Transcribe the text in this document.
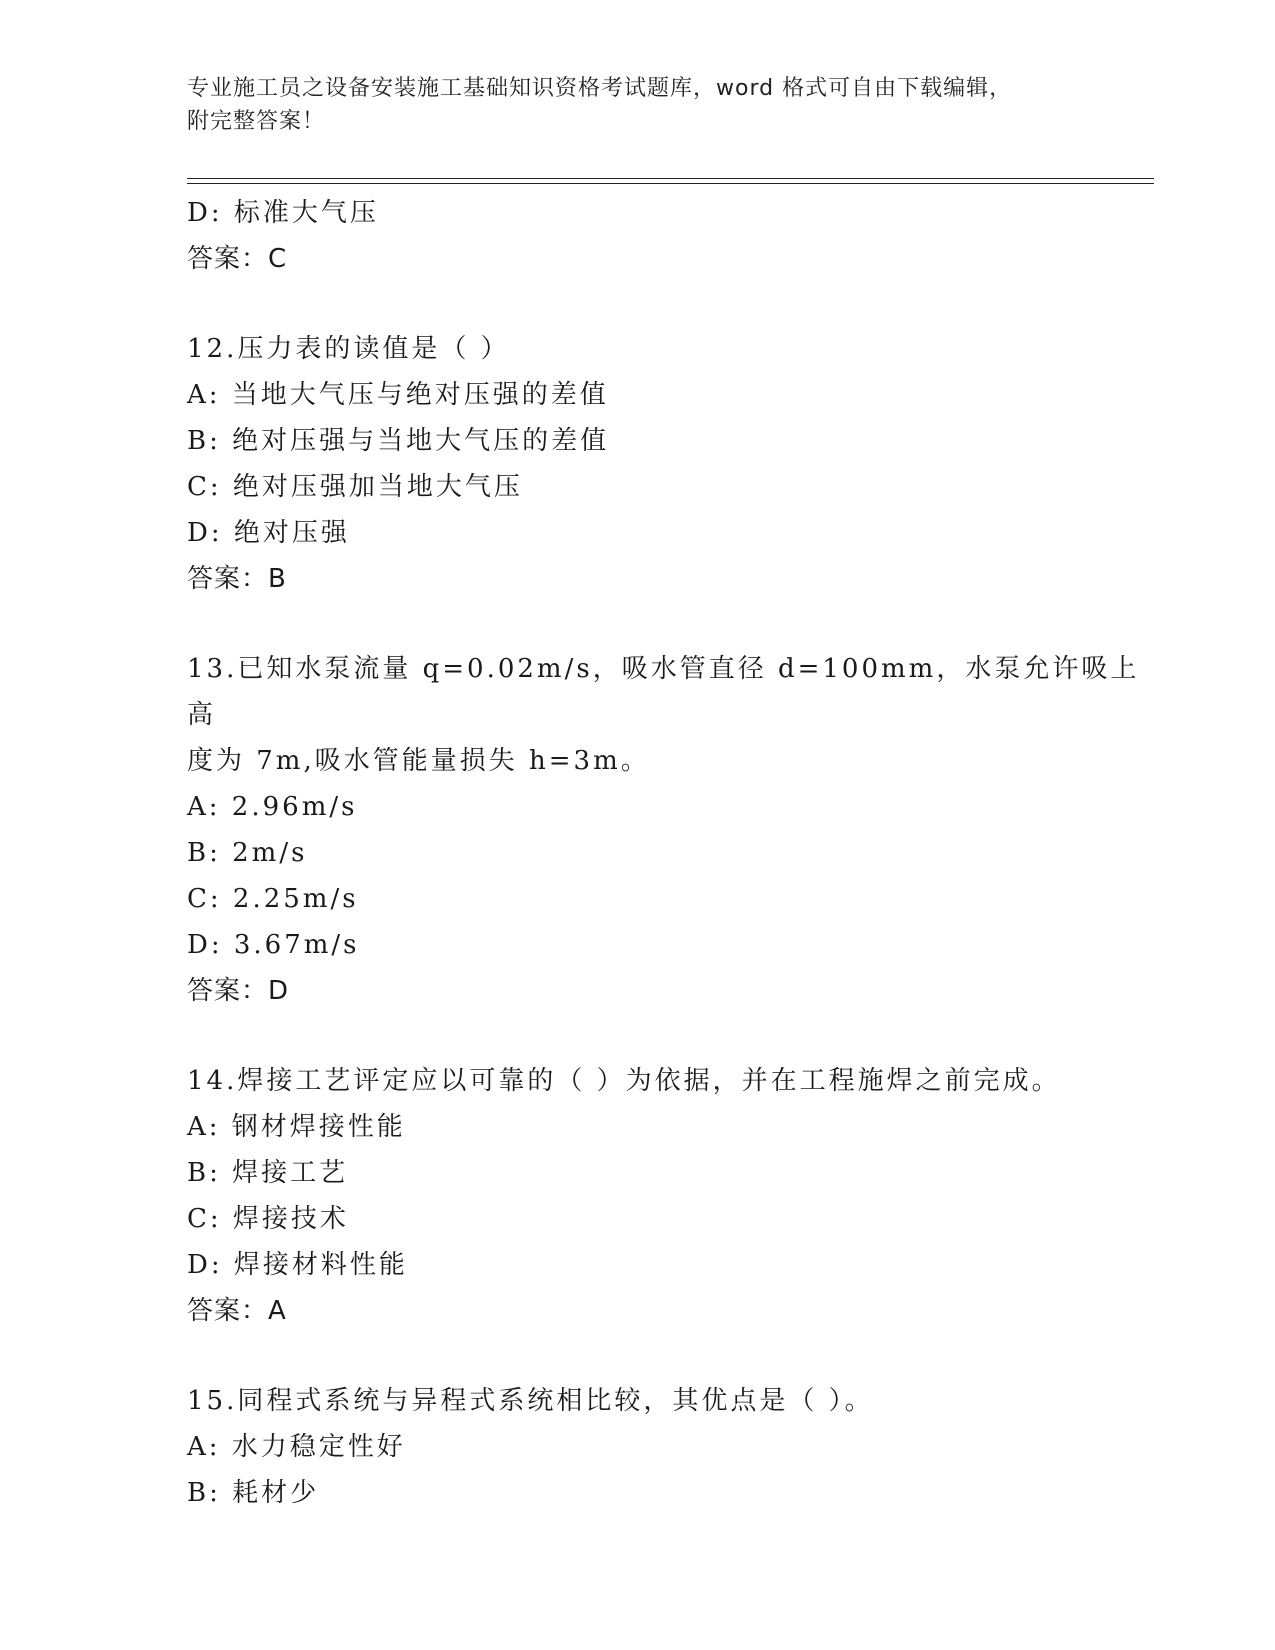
专业施工员之设备安装施工基础知识资格考试题库，word 格式可自由下载编辑，
附完整答案！
D: 标准大气压
答案：C
12.压力表的读值是（ ）
A: 当地大气压与绝对压强的差值
B: 绝对压强与当地大气压的差值
C: 绝对压强加当地大气压
D: 绝对压强
答案：B
13.已知水泵流量 q=0.02m/s，吸水管直径 d=100mm，水泵允许吸上高
度为 7m,吸水管能量损失 h=3m。
A: 2.96m/s
B: 2m/s
C: 2.25m/s
D: 3.67m/s
答案：D
14.焊接工艺评定应以可靠的（ ）为依据，并在工程施焊之前完成。
A: 钢材焊接性能
B: 焊接工艺
C: 焊接技术
D: 焊接材料性能
答案：A
15.同程式系统与异程式系统相比较，其优点是（ ）。
A: 水力稳定性好
B: 耗材少
